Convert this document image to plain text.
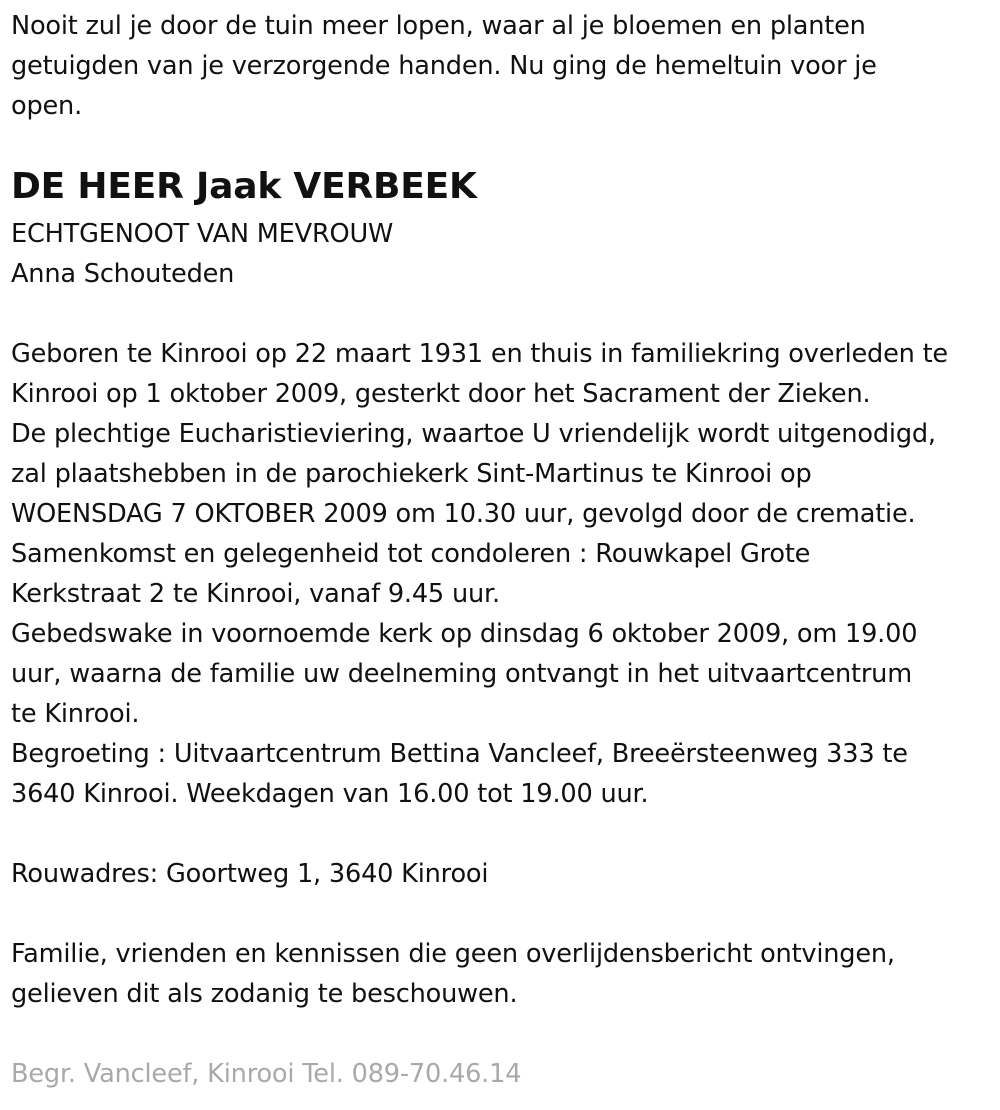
Nooit zul je door de tuin meer lopen, waar al je bloemen en planten
getuigden van je verzorgende handen. Nu ging de hemeltuin voor je
open.

DE HEER Jaak VERBEEK

ECHTGENOOT VAN MEVROUW
Anna Schouteden

Geboren te Kinrooi op 22 maart 1931 en thuis in familiekring overleden te
Kinrooi op 1 oktober 2009, gesterkt door het Sacrament der Zieken.
De plechtige Eucharistieviering, waartoe U vriendelijk wordt uitgenodigd,
zal plaatshebben in de parochiekerk Sint-Martinus te Kinrooi op
WOENSDAG 7 OKTOBER 2009 om 10.30 uur, gevolgd door de crematie.
Samenkomst en gelegenheid tot condoleren : Rouwkapel Grote
Kerkstraat 2 te Kinrooi, vanaf 9.45 uur.
Gebedswake in voornoemde kerk op dinsdag 6 oktober 2009, om 19.00
uur, waarna de familie uw deelneming ontvangt in het uitvaartcentrum
te Kinrooi.
Begroeting : Uitvaartcentrum Bettina Vancleef, Breeërsteenweg 333 te
3640 Kinrooi. Weekdagen van 16.00 tot 19.00 uur.

Rouwadres: Goortweg 1, 3640 Kinrooi

Familie, vrienden en kennissen die geen overlijdensbericht ontvingen,
gelieven dit als zodanig te beschouwen.

Begr. Vancleef, Kinrooi Tel. 089-70.46.14
